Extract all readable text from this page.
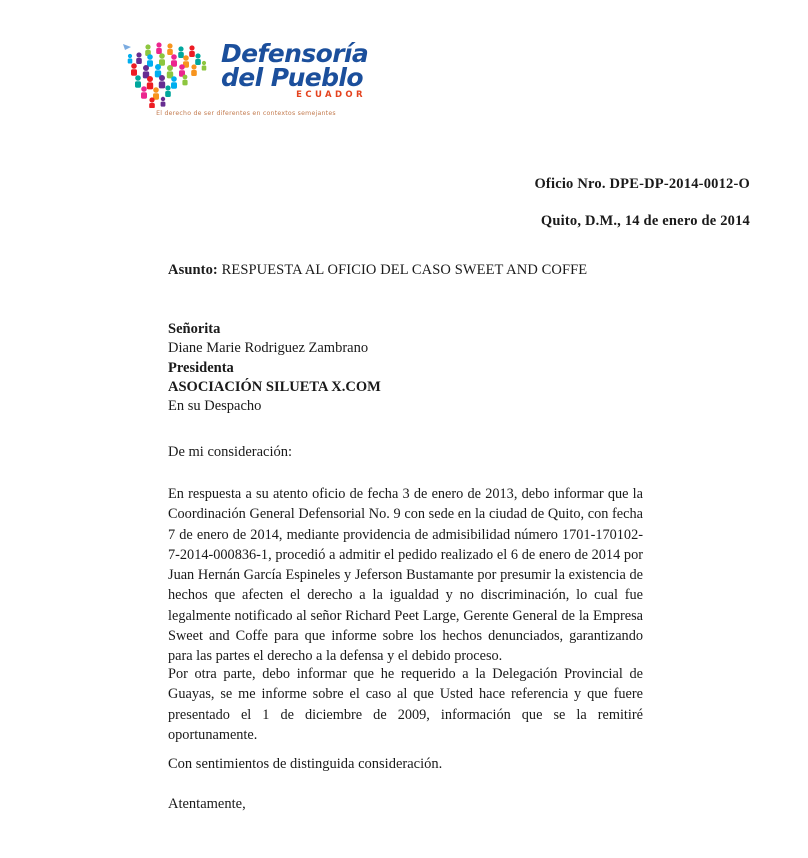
Defensoría
del Pueblo
ECUADOR
El derecho de ser diferentes en contextos semejantes
Oficio Nro. DPE-DP-2014-0012-O
Quito, D.M., 14 de enero de 2014
Asunto: RESPUESTA AL OFICIO DEL CASO SWEET AND COFFE
Señorita
Diane Marie Rodriguez Zambrano
Presidenta
ASOCIACIÓN SILUETA X.COM
En su Despacho
De mi consideración:
En respuesta a su atento oficio de fecha 3 de enero de 2013, debo informar que la Coordinación General Defensorial No. 9 con sede en la ciudad de Quito, con fecha 7 de enero de 2014, mediante providencia de admisibilidad número 1701-170102-7-2014-000836-1, procedió a admitir el pedido realizado el 6 de enero de 2014 por Juan Hernán García Espineles y Jeferson Bustamante por presumir la existencia de hechos que afecten el derecho a la igualdad y no discriminación, lo cual fue legalmente notificado al señor Richard Peet Large, Gerente General de la Empresa Sweet and Coffe para que informe sobre los hechos denunciados, garantizando para las partes el derecho a la defensa y el debido proceso.
Por otra parte, debo informar que he requerido a la Delegación Provincial de Guayas, se me informe sobre el caso al que Usted hace referencia y que fuere presentado el 1 de diciembre de 2009, información que se la remitiré oportunamente.
Con sentimientos de distinguida consideración.
Atentamente,
